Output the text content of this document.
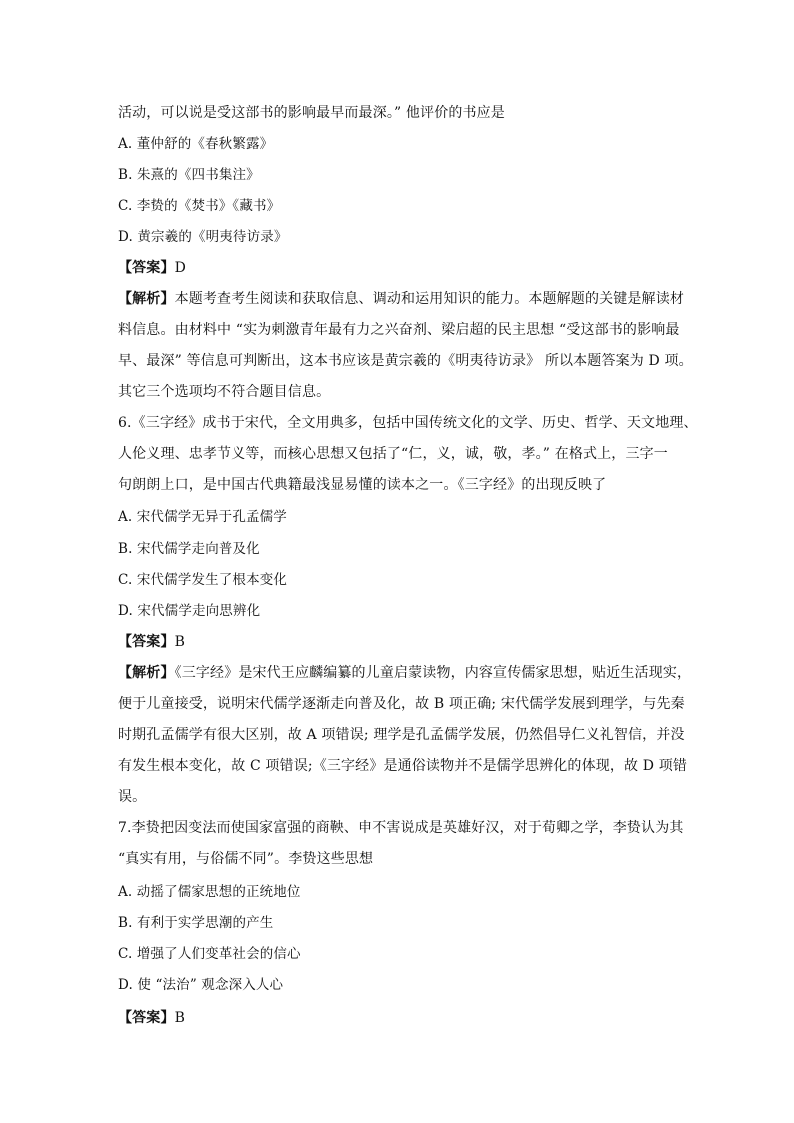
活动，可以说是受这部书的影响最早而最深。” 他评价的书应是
A. 董仲舒的《春秋繁露》
B. 朱熹的《四书集注》
C. 李贽的《焚书》《藏书》
D. 黄宗羲的《明夷待访录》
【答案】D
【解析】本题考查考生阅读和获取信息、调动和运用知识的能力。本题解题的关键是解读材
料信息。由材料中 “实为刺激青年最有力之兴奋剂、梁启超的民主思想 “受这部书的影响最
早、最深” 等信息可判断出，这本书应该是黄宗羲的《明夷待访录》 所以本题答案为 D 项。
其它三个选项均不符合题目信息。
6.《三字经》成书于宋代，全文用典多，包括中国传统文化的文学、历史、哲学、天文地理、
人伦义理、忠孝节义等，而核心思想又包括了“仁，义，诚，敬，孝。” 在格式上，三字一
句朗朗上口，是中国古代典籍最浅显易懂的读本之一。《三字经》的出现反映了
A. 宋代儒学无异于孔孟儒学
B. 宋代儒学走向普及化
C. 宋代儒学发生了根本变化
D. 宋代儒学走向思辨化
【答案】B
【解析】《三字经》是宋代王应麟编纂的儿童启蒙读物，内容宣传儒家思想，贴近生活现实，
便于儿童接受，说明宋代儒学逐渐走向普及化，故 B 项正确; 宋代儒学发展到理学，与先秦
时期孔孟儒学有很大区别，故 A 项错误; 理学是孔孟儒学发展，仍然倡导仁义礼智信，并没
有发生根本变化，故 C 项错误;《三字经》是通俗读物并不是儒学思辨化的体现，故 D 项错
误。
7.李贽把因变法而使国家富强的商鞅、申不害说成是英雄好汉，对于荀卿之学，李贽认为其
“真实有用，与俗儒不同”。李贽这些思想
A. 动摇了儒家思想的正统地位
B. 有利于实学思潮的产生
C. 增强了人们变革社会的信心
D. 使 “法治” 观念深入人心
【答案】B
